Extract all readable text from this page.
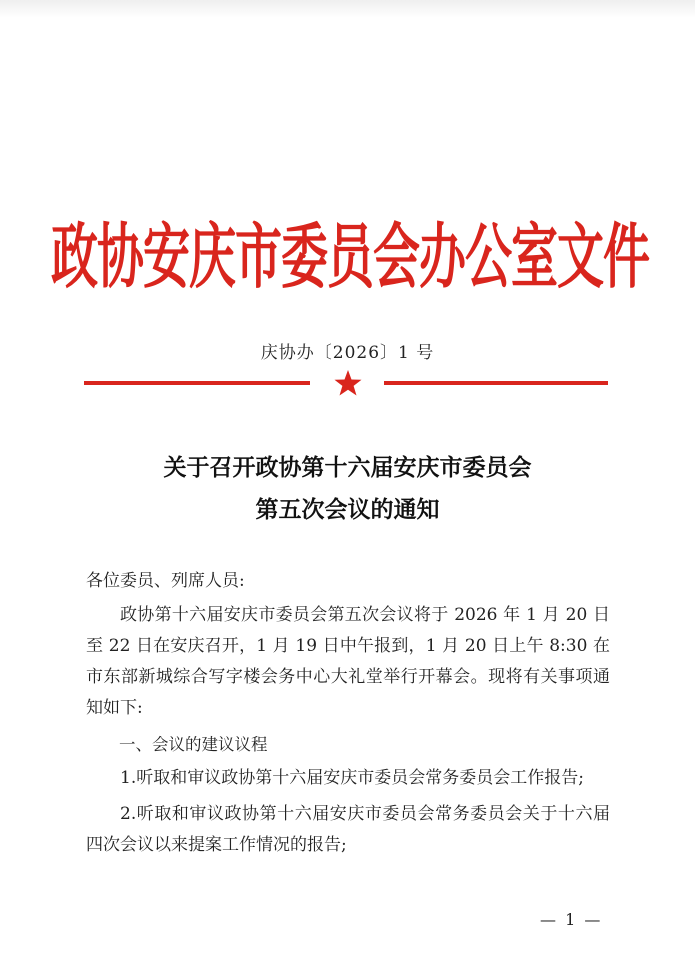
政协安庆市委员会办公室文件
庆协办〔2026〕1 号
关于召开政协第十六届安庆市委员会
第五次会议的通知

各位委员、列席人员:

政协第十六届安庆市委员会第五次会议将于 2026 年 1 月 20 日至 22 日在安庆召开，1 月 19 日中午报到，1 月 20 日上午 8:30 在市东部新城综合写字楼会务中心大礼堂举行开幕会。现将有关事项通知如下:

一、会议的建议议程

1.听取和审议政协第十六届安庆市委员会常务委员会工作报告;

2.听取和审议政协第十六届安庆市委员会常务委员会关于十六届四次会议以来提案工作情况的报告;

— 1 —
